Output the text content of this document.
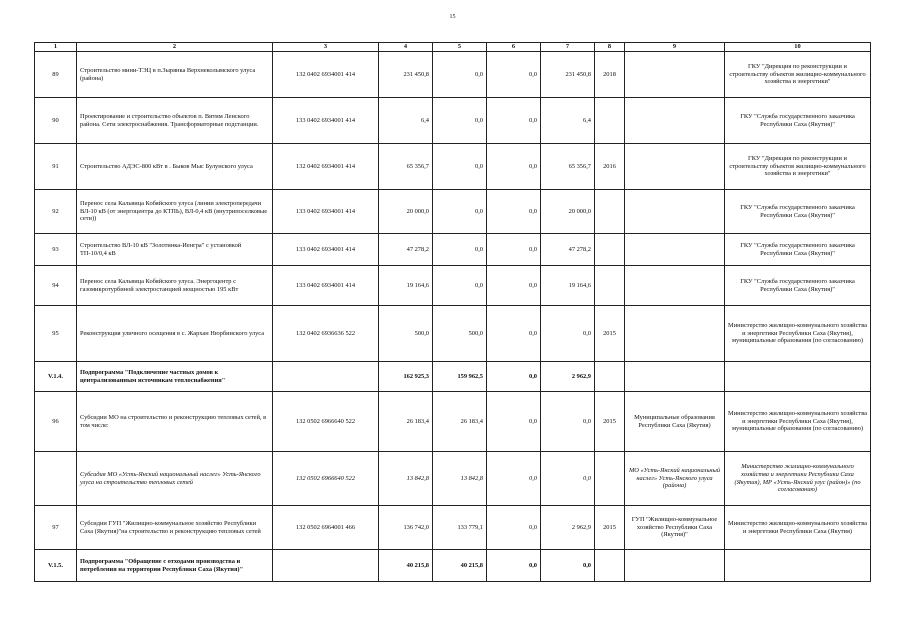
15
1	2	3	4	5	6	7	8	9	10
89	Строительство мини-ТЭЦ в п.Зырянка Верхнеколымского улуса (района)	132 0402 6934001 414	231 450,8	0,0	0,0	231 450,8	2018		ГКУ "Дирекция по реконструкции и строительству объектов жилищно-коммунального хозяйства и энергетики"
90	Проектирование и строительство объектов п. Витим Ленского района. Сети электроснабжения. Трансформаторные подстанции.	133 0402 6934001 414	6,4	0,0	0,0	6,4			ГКУ "Служба государственного заказчика Республики Саха (Якутия)"
91	Строительство АДЭС-800 кВт в . Быков Мыс Булунского улуса	132 0402 6934001 414	65 356,7	0,0	0,0	65 356,7	2016		ГКУ "Дирекция по реконструкции и строительству объектов жилищно-коммунального хозяйства и энергетики"
92	Перенос села Кальвица Кобяйского улуса (линии электропередачи ВЛ-10 кВ (от энергоцентра до КТПЬ), ВЛ-0,4 кВ (внутрипоселковые сети))	133 0402 6934001 414	20 000,0	0,0	0,0	20 000,0			ГКУ "Служба государственного заказчика Республики Саха (Якутия)"
93	Строительство ВЛ-10 кВ "Золотинка-Иенгра" с установкой ТП-10/0,4 кВ	133 0402 6934001 414	47 278,2	0,0	0,0	47 278,2			ГКУ "Служба государственного заказчика Республики Саха (Якутия)"
94	Перенос села Кальвица Кобяйского улуса. Энергоцентр с газомикротурбиной электростанцией мощностью 195 кВт	133 0402 6934001 414	19 164,6	0,0	0,0	19 164,6			ГКУ "Служба государственного заказчика Республики Саха (Якутия)"
95	Реконструкция уличного осещения в с. Жархан Нюрбинского улуса	132 0402 6936636 522	500,0	500,0	0,0	0,0	2015		Министерство жилищно-коммунального хозяйства и энергетики Республики Саха (Якутия), муниципальные образования (по согласованию)
V.1.4.	Подпрограмма "Подключение частных домов к централизованным источникам теплоснабжения"		162 925,3	159 962,5	0,0	2 962,9			
96	Субсидии МО на строительство и реконструкцию тепловых сетей, в том числе:	132 0502 6966640 522	26 183,4	26 183,4	0,0	0,0	2015	Муниципальные образования Республики Саха (Якутия)	Министерство жилищно-коммунального хозяйства и энергетики Республики Саха (Якутия), муниципальные образования (по согласованию)
	Субсидия МО «Усть-Янский национальный наслег» Усть-Янского улуса на строительство тепловых сетей	132 0502 6966640 522	13 842,8	13 842,8	0,0	0,0		МО «Усть-Янский национальный наслег» Усть-Янского улуса (района)	Министерство жилищно-коммунального хозяйства и энергетики Республики Саха (Якутия), МР «Усть-Янский улус (район)» (по согласованию)
97	Субсидии ГУП "Жилищно-коммунальное хозяйство Республики Саха (Якутия)"на строительство и реконструкцию тепловых сетей	132 0502 6964001 466	136 742,0	133 779,1	0,0	2 962,9	2015	ГУП "Жилищно-коммунальное хозяйство Республики Саха (Якутия)"	Министерство жилищно-коммунального хозяйства и энергетики Республики Саха (Якутия)
V.1.5.	Подпрограмма "Обращение с отходами производства и потребления на территории Республики Саха (Якутия)"		40 215,8	40 215,8	0,0	0,0			
